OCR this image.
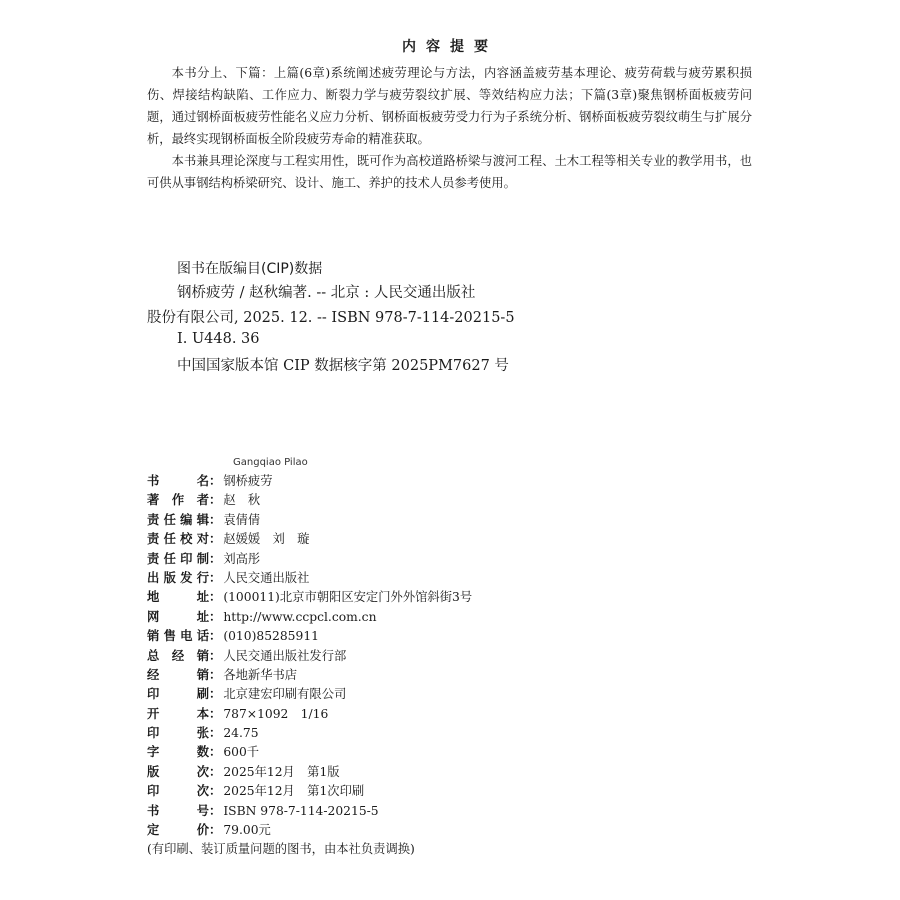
内容提要

本书分上、下篇：上篇(6章)系统阐述疲劳理论与方法，内容涵盖疲劳基本理论、疲劳荷载与疲劳累积损伤、焊接结构缺陷、工作应力、断裂力学与疲劳裂纹扩展、等效结构应力法；下篇(3章)聚焦钢桥面板疲劳问题，通过钢桥面板疲劳性能名义应力分析、钢桥面板疲劳受力行为子系统分析、钢桥面板疲劳裂纹萌生与扩展分析，最终实现钢桥面板全阶段疲劳寿命的精准获取。

本书兼具理论深度与工程实用性，既可作为高校道路桥梁与渡河工程、土木工程等相关专业的教学用书，也可供从事钢结构桥梁研究、设计、施工、养护的技术人员参考使用。

图书在版编目(CIP)数据
钢桥疲劳 / 赵秋编著. -- 北京 : 人民交通出版社
股份有限公司, 2025. 12. -- ISBN 978-7-114-20215-5
Ⅰ. U448. 36
中国国家版本馆 CIP 数据核字第 2025PM7627 号
Gangqiao Pilao
书名： 钢桥疲劳
著作者： 赵　秋
责任编辑： 袁倩倩
责任校对： 赵媛媛　刘　璇
责任印制： 刘高彤
出版发行： 人民交通出版社
地址： (100011)北京市朝阳区安定门外外馆斜街3号
网址： http://www.ccpcl.com.cn
销售电话： (010)85285911
总经销： 人民交通出版社发行部
经销： 各地新华书店
印刷： 北京建宏印刷有限公司
开本： 787×1092　1/16
印张： 24.75
字数： 600千
版次： 2025年12月　第1版
印次： 2025年12月　第1次印刷
书号： ISBN 978-7-114-20215-5
定价： 79.00元
(有印刷、装订质量问题的图书，由本社负责调换)
